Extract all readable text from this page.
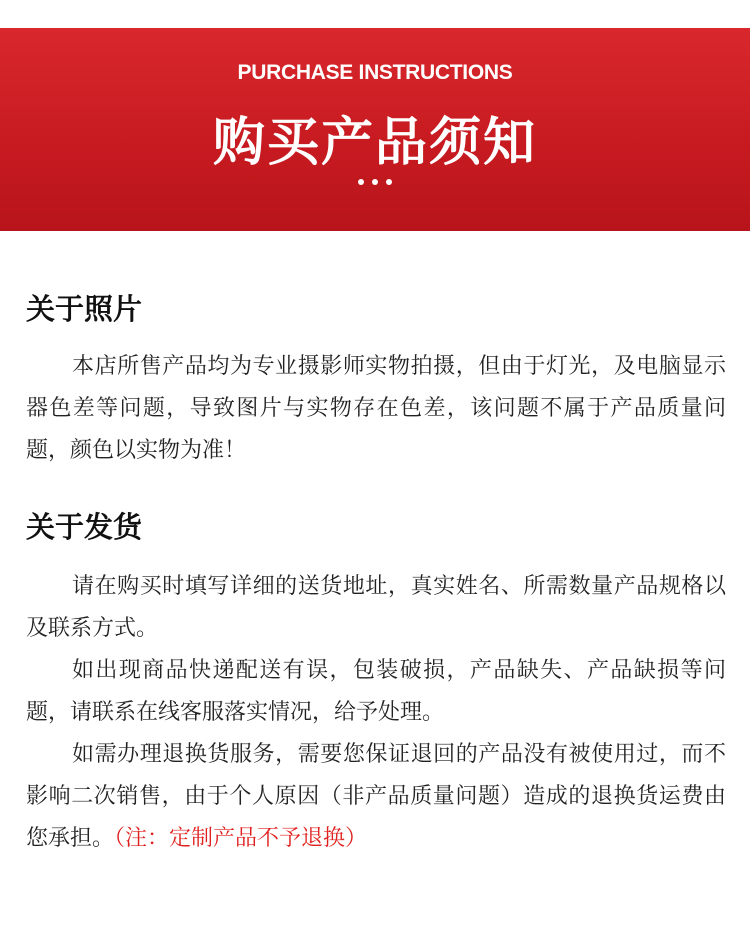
PURCHASE INSTRUCTIONS
购买产品须知
关于照片

本店所售产品均为专业摄影师实物拍摄，但由于灯光，及电脑显示器色差等问题，导致图片与实物存在色差，该问题不属于产品质量问题，颜色以实物为准！

关于发货

请在购买时填写详细的送货地址，真实姓名、所需数量产品规格以及联系方式。

如出现商品快递配送有误，包装破损，产品缺失、产品缺损等问题，请联系在线客服落实情况，给予处理。

如需办理退换货服务，需要您保证退回的产品没有被使用过，而不影响二次销售，由于个人原因（非产品质量问题）造成的退换货运费由您承担。（注：定制产品不予退换）
